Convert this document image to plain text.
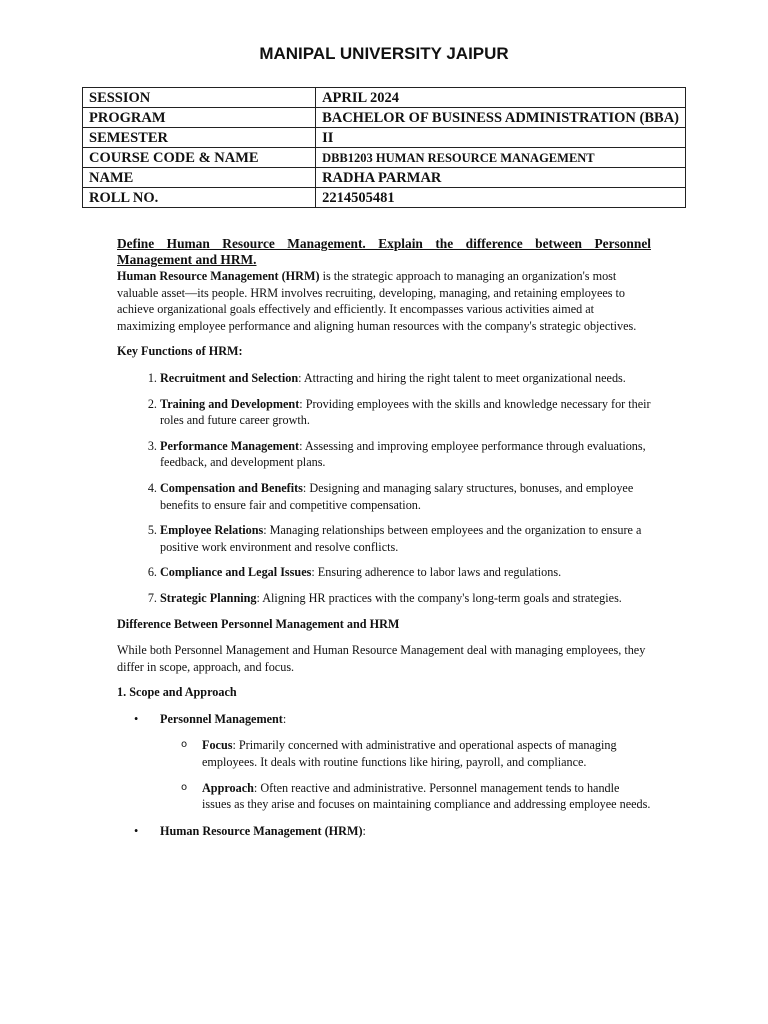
MANIPAL UNIVERSITY JAIPUR
SESSION	APRIL 2024
PROGRAM	BACHELOR OF BUSINESS ADMINISTRATION (BBA)
SEMESTER	II
COURSE CODE & NAME	DBB1203 HUMAN RESOURCE MANAGEMENT
NAME	RADHA PARMAR
ROLL NO.	2214505481
Define Human Resource Management. Explain the difference between Personnel Management and HRM.

Human Resource Management (HRM) is the strategic approach to managing an organization's most valuable asset—its people. HRM involves recruiting, developing, managing, and retaining employees to achieve organizational goals effectively and efficiently. It encompasses various activities aimed at maximizing employee performance and aligning human resources with the company's strategic objectives.

Key Functions of HRM:
1. Recruitment and Selection: Attracting and hiring the right talent to meet organizational needs.
2. Training and Development: Providing employees with the skills and knowledge necessary for their roles and future career growth.
3. Performance Management: Assessing and improving employee performance through evaluations, feedback, and development plans.
4. Compensation and Benefits: Designing and managing salary structures, bonuses, and employee benefits to ensure fair and competitive compensation.
5. Employee Relations: Managing relationships between employees and the organization to ensure a positive work environment and resolve conflicts.
6. Compliance and Legal Issues: Ensuring adherence to labor laws and regulations.
7. Strategic Planning: Aligning HR practices with the company's long-term goals and strategies.
Difference Between Personnel Management and HRM

While both Personnel Management and Human Resource Management deal with managing employees, they differ in scope, approach, and focus.

1. Scope and Approach
• Personnel Management:
o Focus: Primarily concerned with administrative and operational aspects of managing employees. It deals with routine functions like hiring, payroll, and compliance.
o Approach: Often reactive and administrative. Personnel management tends to handle issues as they arise and focuses on maintaining compliance and addressing employee needs.
• Human Resource Management (HRM):
